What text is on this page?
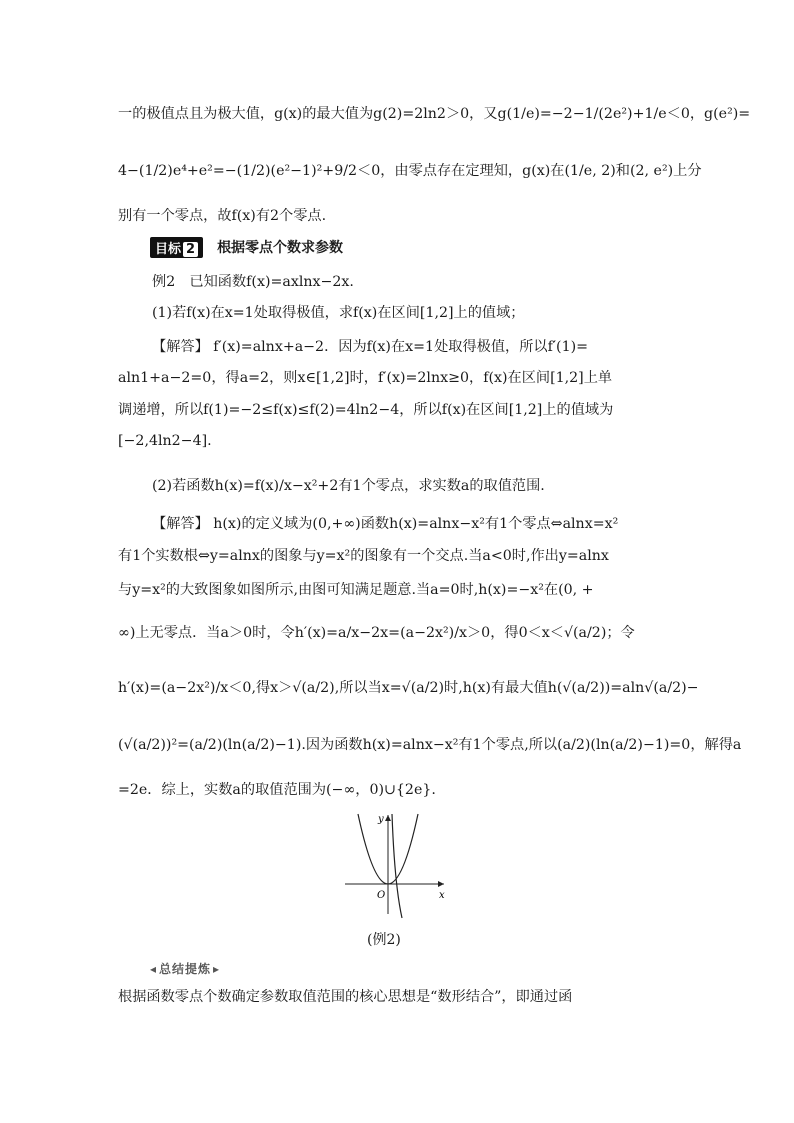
一的极值点且为极大值，g(x)的最大值为g(2)=2ln2＞0，又g(1/e)=−2−1/(2e²)+1/e＜0，g(e²)=
4−(1/2)e⁴+e²=−(1/2)(e²−1)²+9/2＜0，由零点存在定理知，g(x)在(1/e, 2)和(2, e²)上分
别有一个零点，故f(x)有2个零点.
目标 2	根据零点个数求参数
例2　已知函数f(x)=axlnx−2x.
(1)若f(x)在x=1处取得极值，求f(x)在区间[1,2]上的值域；
【解答】 f′(x)=alnx+a−2．因为f(x)在x=1处取得极值，所以f′(1)=
aln1+a−2=0，得a=2，则x∈[1,2]时，f′(x)=2lnx≥0，f(x)在区间[1,2]上单
调递增，所以f(1)=−2≤f(x)≤f(2)=4ln2−4，所以f(x)在区间[1,2]上的值域为
[−2,4ln2−4].
(2)若函数h(x)=f(x)/x−x²+2有1个零点，求实数a的取值范围.
【解答】 h(x)的定义域为(0,+∞)函数h(x)=alnx−x²有1个零点⇔alnx=x²
有1个实数根⇔y=alnx的图象与y=x²的图象有一个交点.当a<0时,作出y=alnx
与y=x²的大致图象如图所示,由图可知满足题意.当a=0时,h(x)=−x²在(0, +
∞)上无零点．当a＞0时，令h′(x)=a/x−2x=(a−2x²)/x＞0，得0＜x＜√(a/2)；令
h′(x)=(a−2x²)/x＜0,得x＞√(a/2),所以当x=√(a/2)时,h(x)有最大值h(√(a/2))=aln√(a/2)−
(√(a/2))²=(a/2)(ln(a/2)−1).因为函数h(x)=alnx−x²有1个零点,所以(a/2)(ln(a/2)−1)=0，解得a
=2e．综上，实数a的取值范围为(−∞，0)∪{2e}.
y
x
O
(例2)
◂ 总结提炼 ▸
根据函数零点个数确定参数取值范围的核心思想是“数形结合”，即通过函
